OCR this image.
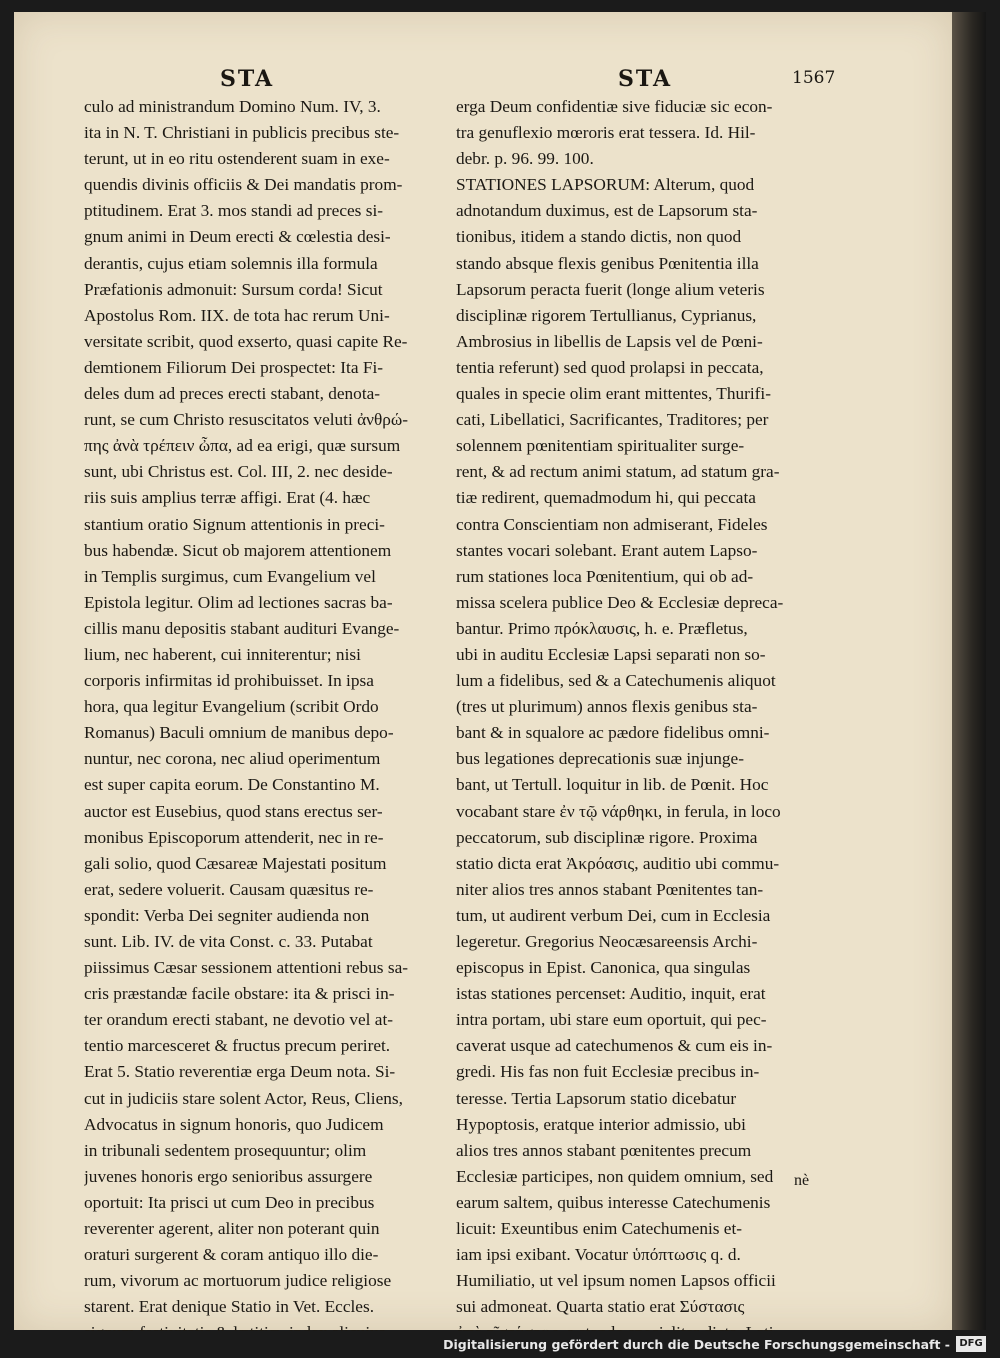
STA	STA	1567
culo ad ministrandum Domino Num. IV, 3.
ita in N. T. Christiani in publicis precibus ste-
terunt, ut in eo ritu ostenderent suam in exe-
quendis divinis officiis & Dei mandatis prom-
ptitudinem. Erat 3. mos standi ad preces si-
gnum animi in Deum erecti & cœlestia desi-
derantis, cujus etiam solemnis illa formula
Præfationis admonuit: Sursum corda! Sicut
Apostolus Rom. IIX. de tota hac rerum Uni-
versitate scribit, quod exserto, quasi capite Re-
demtionem Filiorum Dei prospectet: Ita Fi-
deles dum ad preces erecti stabant, denota-
runt, se cum Christo resuscitatos veluti ἀνθρώ-
πης ἀνὰ τρέπειν ὦπα, ad ea erigi, quæ sursum
sunt, ubi Christus est. Col. III, 2. nec deside-
riis suis amplius terræ affigi. Erat (4. hæc
stantium oratio Signum attentionis in preci-
bus habendæ. Sicut ob majorem attentionem
in Templis surgimus, cum Evangelium vel
Epistola legitur. Olim ad lectiones sacras ba-
cillis manu depositis stabant audituri Evange-
lium, nec haberent, cui inniterentur; nisi
corporis infirmitas id prohibuisset. In ipsa
hora, qua legitur Evangelium (scribit Ordo
Romanus) Baculi omnium de manibus depo-
nuntur, nec corona, nec aliud operimentum
est super capita eorum. De Constantino M.
auctor est Eusebius, quod stans erectus ser-
monibus Episcoporum attenderit, nec in re-
gali solio, quod Cæsareæ Majestati positum
erat, sedere voluerit. Causam quæsitus re-
spondit: Verba Dei segniter audienda non
sunt. Lib. IV. de vita Const. c. 33. Putabat
piissimus Cæsar sessionem attentioni rebus sa-
cris præstandæ facile obstare: ita & prisci in-
ter orandum erecti stabant, ne devotio vel at-
tentio marcesceret & fructus precum periret.
Erat 5. Statio reverentiæ erga Deum nota. Si-
cut in judiciis stare solent Actor, Reus, Cliens,
Advocatus in signum honoris, quo Judicem
in tribunali sedentem prosequuntur; olim
juvenes honoris ergo senioribus assurgere
oportuit: Ita prisci ut cum Deo in precibus
reverenter agerent, aliter non poterant quin
oraturi surgerent & coram antiquo illo die-
rum, vivorum ac mortuorum judice religiose
starent. Erat denique Statio in Vet. Eccles.
erga Deum confidentiæ sive fiduciæ sic econ-
tra genuflexio mœroris erat tessera. Id. Hil-
debr. p. 96. 99. 100.
STATIONES LAPSORUM: Alterum, quod
adnotandum duximus, est de Lapsorum sta-
tionibus, itidem a stando dictis, non quod
stando absque flexis genibus Pœnitentia illa
Lapsorum peracta fuerit (longe alium veteris
disciplinæ rigorem Tertullianus, Cyprianus,
Ambrosius in libellis de Lapsis vel de Pœni-
tentia referunt) sed quod prolapsi in peccata,
quales in specie olim erant mittentes, Thurifi-
cati, Libellatici, Sacrificantes, Traditores; per
solennem pœnitentiam spiritualiter surge-
rent, & ad rectum animi statum, ad statum gra-
tiæ redirent, quemadmodum hi, qui peccata
contra Conscientiam non admiserant, Fideles
stantes vocari solebant. Erant autem Lapso-
rum stationes loca Pœnitentium, qui ob ad-
missa scelera publice Deo & Ecclesiæ depreca-
bantur. Primo πρόκλαυσις, h. e. Præfletus,
ubi in auditu Ecclesiæ Lapsi separati non so-
lum a fidelibus, sed & a Catechumenis aliquot
(tres ut plurimum) annos flexis genibus sta-
bant & in squalore ac pædore fidelibus omni-
bus legationes deprecationis suæ injunge-
bant, ut Tertull. loquitur in lib. de Pœnit. Hoc
vocabant stare ἐν τῷ νάρθηκι, in ferula, in loco
peccatorum, sub disciplinæ rigore. Proxima
statio dicta erat Ἀκρόασις, auditio ubi commu-
niter alios tres annos stabant Pœnitentes tan-
tum, ut audirent verbum Dei, cum in Ecclesia
legeretur. Gregorius Neocæsareensis Archi-
episcopus in Epist. Canonica, qua singulas
istas stationes percenset: Auditio, inquit, erat
intra portam, ubi stare eum oportuit, qui pec-
caverat usque ad catechumenos & cum eis in-
gredi. His fas non fuit Ecclesiæ precibus in-
teresse. Tertia Lapsorum statio dicebatur
Hypoptosis, eratque interior admissio, ubi
alios tres annos stabant pœnitentes precum
Ecclesiæ participes, non quidem omnium, sed
earum saltem, quibus interesse Catechumenis
licuit: Exeuntibus enim Catechumenis et-
iam ipsi exibant. Vocatur ὑπόπτωσις q. d.
Humiliatio, ut vel ipsum nomen Lapsos officii
sui admoneat. Quarta statio erat Σύστασις
nè
Digitalisierung gefördert durch die Deutsche Forschungsgemeinschaft - DFG
